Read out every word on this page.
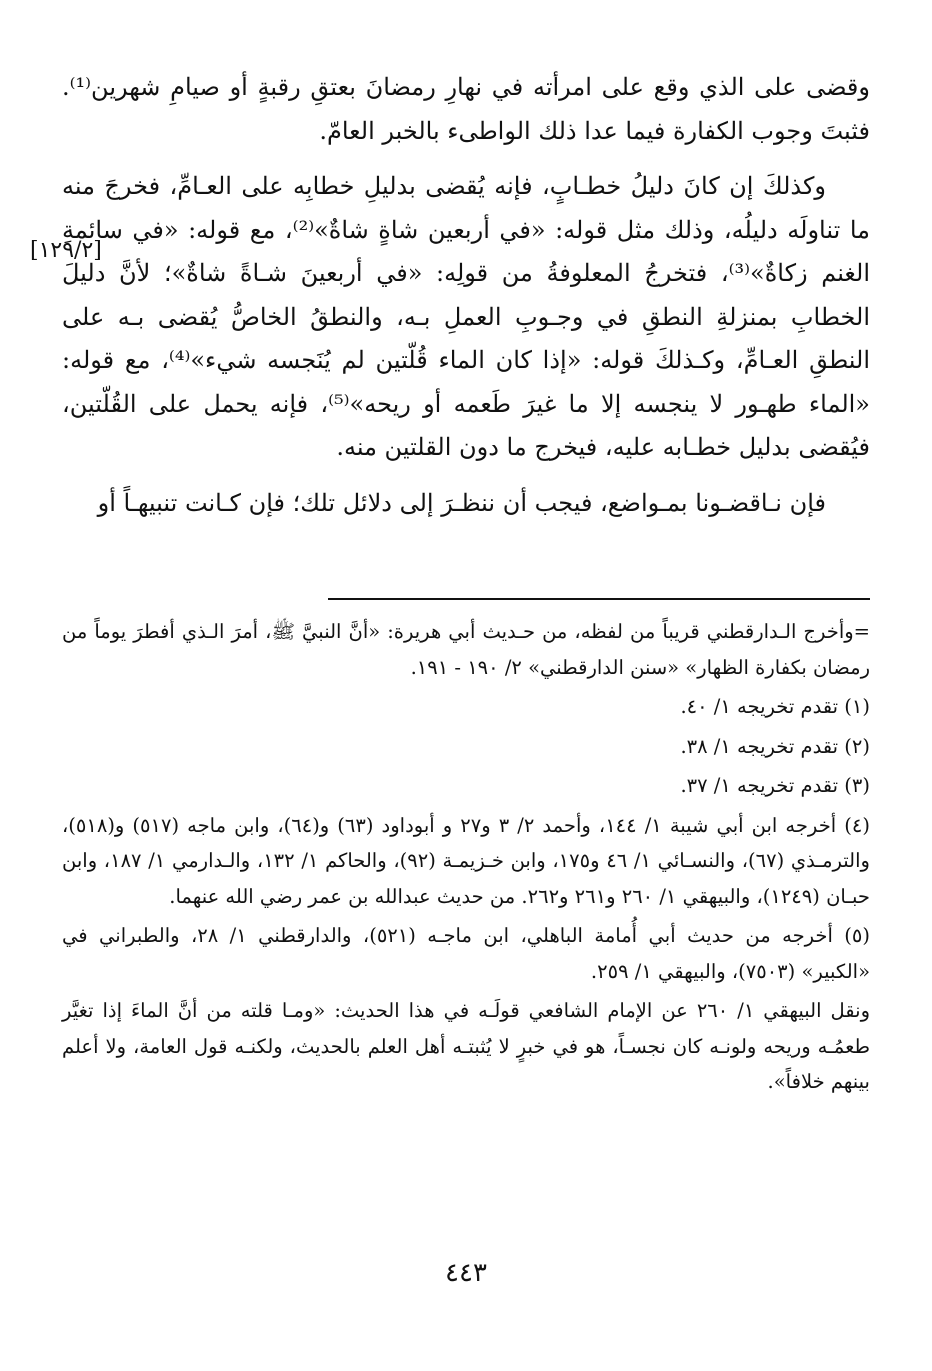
وقضى على الذي وقع على امرأته في نهارِ رمضانَ بعتقِ رقبةٍ أو صيامِ شهرين⁽¹⁾. فثبتَ وجوب الكفارة فيما عدا ذلك الواطىء بالخبر العامّ.

وكذلكَ إن كانَ دليلُ خطـابٍ، فإنه يُقضى بدليلِ خطابِه على العـامِّ، فخرجَ منه ما تناولَه دليلُه، وذلك مثل قوله: «في أربعين شاةٍ شاةٌ»⁽²⁾، مع قوله: «في سائمةِ الغنم زكاةٌ»⁽³⁾، فتخرجُ المعلوفةُ من قولِه: «في أربعينَ شـاةً شاةٌ»؛ لأنَّ دليلَ الخطابِ بمنزلةِ النطقِ في وجـوبِ العملِ بـه، والنطقُ الخاصُّ يُقضى بـه على النطقِ العـامِّ، وكـذلكَ قوله: «إذا كان الماء قُلّتين لم يُنَجسه شيء»⁽⁴⁾، مع قوله: «الماء طهـور لا ينجسه إلا ما غيرَ طَعمه أو ريحه»⁽⁵⁾، فإنه يحمل على القُلّتين، فيُقضى بدليل خطـابه عليه، فيخرج ما دون القلتين منه.

فإن نـاقضـونا بمـواضع، فيجب أن ننظـرَ إلى دلائل تلك؛ فإن كـانت تنبيهـاً أو

[١٢٩/٢]

=وأخرج الـدارقطني قريباً من لفظه، من حـديث أبي هريرة: «أنَّ النبيَّ ﷺ، أمرَ الـذي أفطرَ يوماً من رمضان بكفارة الظهار» «سنن الدارقطني» ٢/ ١٩٠ - ١٩١.

(١) تقدم تخريجه ١/ ٤٠.

(٢) تقدم تخريجه ١/ ٣٨.

(٣) تقدم تخريجه ١/ ٣٧.

(٤) أخرجه ابن أبي شيبة ١/ ١٤٤، وأحمد ٢/ ٣ و٢٧ و أبوداود (٦٣) و(٦٤)، وابن ماجه (٥١٧) و(٥١٨)، والترمـذي (٦٧)، والنسـائي ١/ ٤٦ و١٧٥، وابن خـزيمـة (٩٢)، والحاكم ١/ ١٣٢، والـدارمي ١/ ١٨٧، وابن حبـان (١٢٤٩)، والبيهقي ١/ ٢٦٠ و٢٦١ و٢٦٢. من حديث عبدالله بن عمر رضي الله عنهما.

(٥) أخرجه من حديث أبي أُمامة الباهلي، ابن ماجـه (٥٢١)، والدارقطني ١/ ٢٨، والطبراني في «الكبير» (٧٥٠٣)، والبيهقي ١/ ٢٥٩.

ونقل البيهقي ١/ ٢٦٠ عن الإمام الشافعي قولَـه في هذا الحديث: «ومـا قلته من أنَّ الماءَ إذا تغيَّر طعمُـه وريحه ولونـه كان نجسـاً، هو في خبرٍ لا يُثبتـه أهل العلم بالحديث، ولكنـه قول العامة، ولا أعلم بينهم خلافاً».

٤٤٣
